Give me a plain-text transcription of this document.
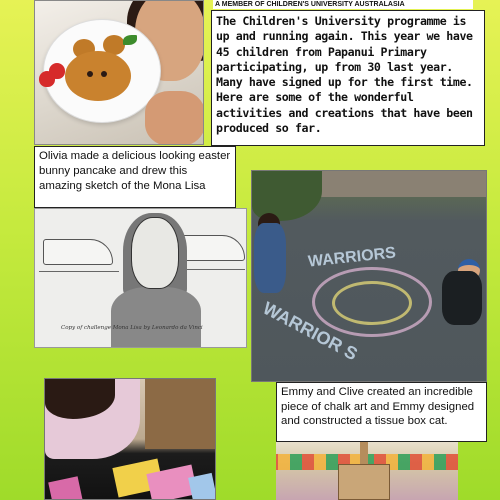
A MEMBER OF CHILDREN'S UNIVERSITY AUSTRALASIA

The Children's University programme is up and running again. This year we have 45 children from Papanui Primary participating, up from 30 last year. Many have signed up for the first time. Here are some of the wonderful activities and creations that have been produced so far.

Olivia made a delicious looking easter bunny pancake and drew this amazing sketch of the Mona Lisa

Copy of challenge Mona Lisa by Leonardo da Vinci
WARRIORS
WARRIOR S

Emmy and Clive created an incredible piece of chalk art and Emmy designed and constructed a tissue box cat.
